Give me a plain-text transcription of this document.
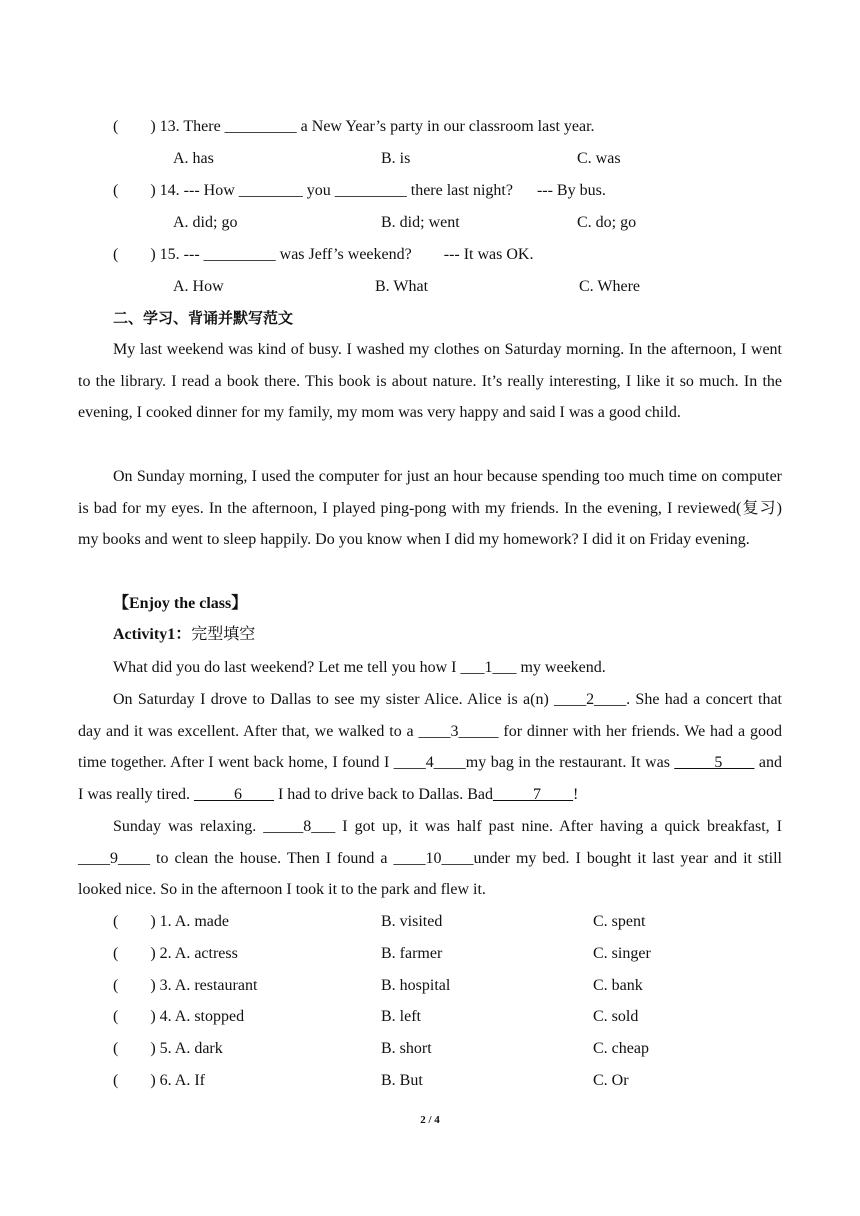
(        ) 13. There _________ a New Year’s party in our classroom last year.
A. has	B. is	C. was
(        ) 14. --- How ________ you _________ there last night?      --- By bus.
A. did; go	B. did; went	C. do; go
(        ) 15. --- _________ was Jeff’s weekend?        --- It was OK.
A. How	B. What	C. Where
二、学习、背诵并默写范文
My last weekend was kind of busy. I washed my clothes on Saturday morning. In the afternoon, I went to the library. I read a book there. This book is about nature. It’s really interesting, I like it so much. In the evening, I cooked dinner for my family, my mom was very happy and said I was a good child.
On Sunday morning, I used the computer for just an hour because spending too much time on computer is bad for my eyes. In the afternoon, I played ping-pong with my friends. In the evening, I reviewed(复习) my books and went to sleep happily. Do you know when I did my homework? I did it on Friday evening.
【Enjoy the class】
Activity1：完型填空
What did you do last weekend? Let me tell you how I ___1___ my weekend.
On Saturday I drove to Dallas to see my sister Alice. Alice is a(n) ____2____. She had a concert that day and it was excellent. After that, we walked to a ____3_____ for dinner with her friends. We had a good time together. After I went back home, I found I ____4____my bag in the restaurant. It was _____5____ and I was really tired. _____6____ I had to drive back to Dallas. Bad_____7____!
Sunday was relaxing. _____8___ I got up, it was half past nine. After having a quick breakfast, I ____9____ to clean the house. Then I found a ____10____under my bed. I bought it last year and it still looked nice. So in the afternoon I took it to the park and flew it.
(        ) 1. A. made	B. visited	C. spent
(        ) 2. A. actress	B. farmer	C. singer
(        ) 3. A. restaurant	B. hospital	C. bank
(        ) 4. A. stopped	B. left	C. sold
(        ) 5. A. dark	B. short	C. cheap
(        ) 6. A. If	B. But	C. Or
2 / 4
